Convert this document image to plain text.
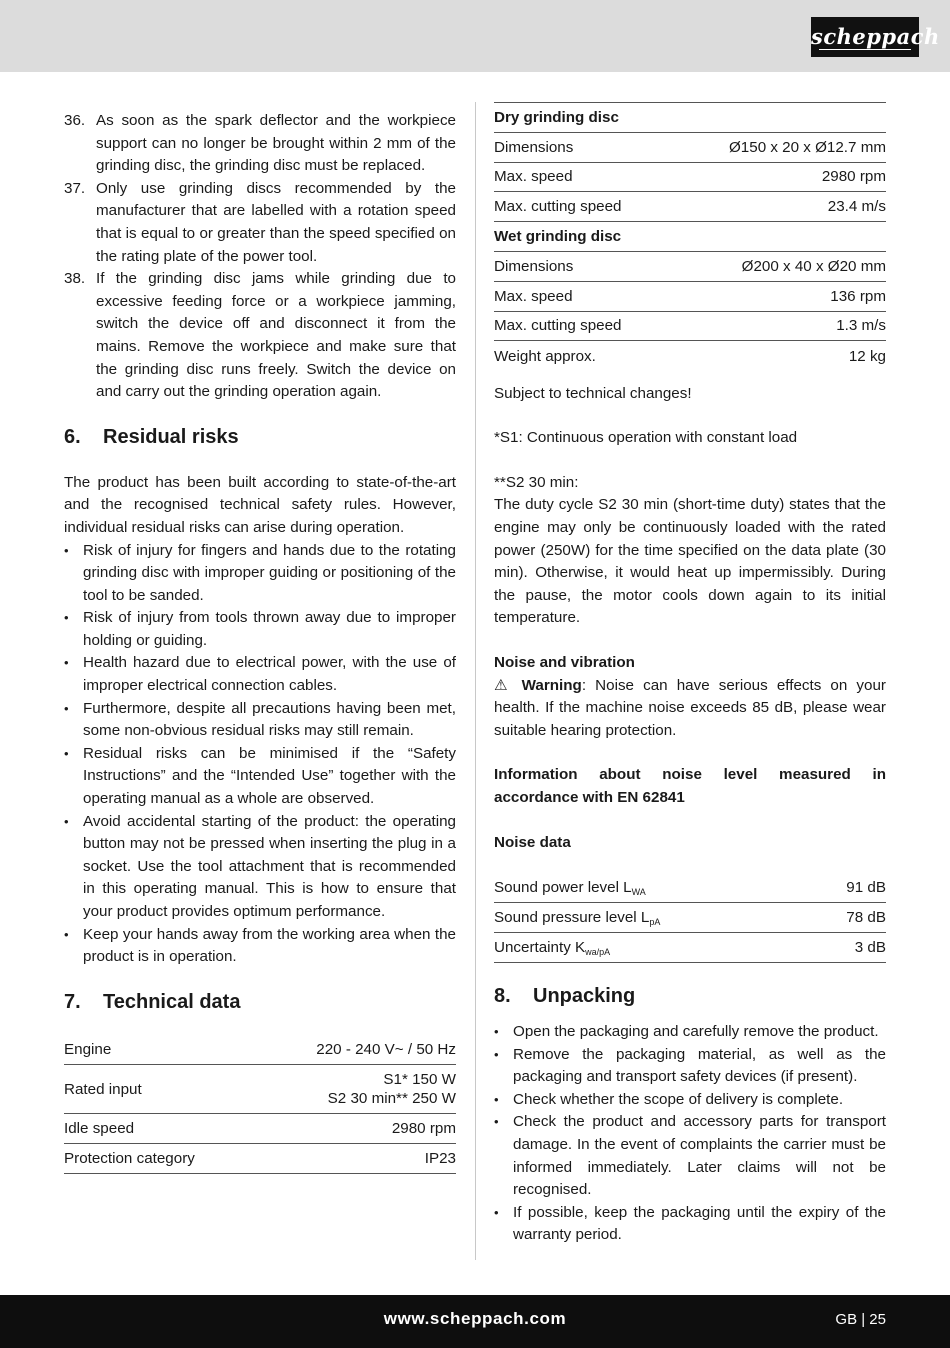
scheppach
36. As soon as the spark deflector and the workpiece support can no longer be brought within 2 mm of the grinding disc, the grinding disc must be replaced.
37. Only use grinding discs recommended by the manufacturer that are labelled with a rotation speed that is equal to or greater than the speed specified on the rating plate of the power tool.
38. If the grinding disc jams while grinding due to excessive feeding force or a workpiece jamming, switch the device off and disconnect it from the mains. Remove the workpiece and make sure that the grinding disc runs freely. Switch the device on and carry out the grinding operation again.
6. Residual risks

The product has been built according to state-of-the-art and the recognised technical safety rules. However, individual residual risks can arise during operation.

• Risk of injury for fingers and hands due to the rotating grinding disc with improper guiding or positioning of the tool to be sanded.
• Risk of injury from tools thrown away due to improper holding or guiding.
• Health hazard due to electrical power, with the use of improper electrical connection cables.
• Furthermore, despite all precautions having been met, some non-obvious residual risks may still remain.
• Residual risks can be minimised if the “Safety Instructions” and the “Intended Use” together with the operating manual as a whole are observed.
• Avoid accidental starting of the product: the operating button may not be pressed when inserting the plug in a socket. Use the tool attachment that is recommended in this operating manual. This is how to ensure that your product provides optimum performance.
• Keep your hands away from the working area when the product is in operation.
7. Technical data
Engine	220 - 240 V~ / 50 Hz
Rated input	S1* 150 W
S2 30 min** 250 W

Idle speed	2980 rpm
Protection category	IP23
Dry grinding disc	
Dimensions	Ø150 x 20 x Ø12.7 mm
Max. speed	2980 rpm
Max. cutting speed	23.4 m/s
Wet grinding disc	
Dimensions	Ø200 x 40 x Ø20 mm
Max. speed	136 rpm
Max. cutting speed	1.3 m/s
Weight approx.	12 kg

Subject to technical changes!

*S1: Continuous operation with constant load

**S2 30 min:

The duty cycle S2 30 min (short-time duty) states that the engine may only be continuously loaded with the rated power (250W) for the time specified on the data plate (30 min). Otherwise, it would heat up impermissibly. During the pause, the motor cools down again to its initial temperature.

Noise and vibration

⚠ Warning: Noise can have serious effects on your health. If the machine noise exceeds 85 dB, please wear suitable hearing protection.

Information about noise level measured in accordance with EN 62841

Noise data

Sound power level $L_{WA}$	91 dB
Sound pressure level $L_{pA}$	78 dB
Uncertainty $K_{wa/pA}$	3 dB
8. Unpacking
• Open the packaging and carefully remove the product.
• Remove the packaging material, as well as the packaging and transport safety devices (if present).
• Check whether the scope of delivery is complete.
• Check the product and accessory parts for transport damage. In the event of complaints the carrier must be informed immediately. Later claims will not be recognised.
• If possible, keep the packaging until the expiry of the warranty period.
www.scheppach.com	GB | 25
